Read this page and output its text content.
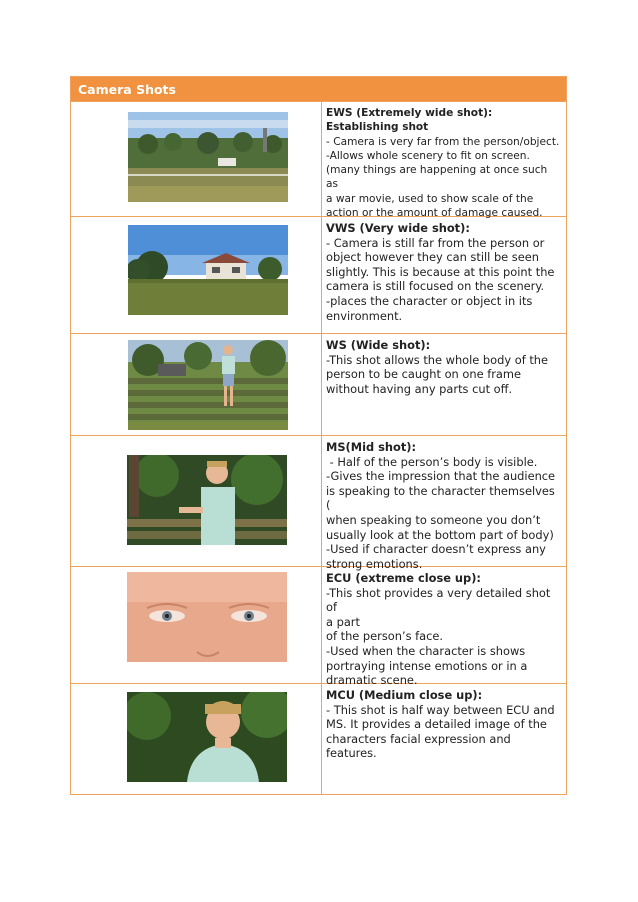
Camera Shots
EWS (Extremely wide shot):
Establishing shot
- Camera is very far from the person/object.
-Allows whole scenery to fit on screen.
(many things are happening at once such as
a war movie, used to show scale of the
action or the amount of damage caused.
VWS (Very wide shot):
- Camera is still far from the person or
object however they can still be seen
slightly. This is because at this point the
camera is still focused on the scenery.
-places the character or object in its
environment.
WS (Wide shot):
-This shot allows the whole body of the
person to be caught on one frame
without having any parts cut off.
MS(Mid shot):
- Half of the person’s body is visible.
-Gives the impression that the audience
is speaking to the character themselves (
when speaking to someone you don’t
usually look at the bottom part of body)
-Used if character doesn’t express any
strong emotions.
ECU (extreme close up):
-This shot provides a very detailed shot of
a part
of the person’s face.
-Used when the character is shows
portraying intense emotions or in a
dramatic scene.
MCU (Medium close up):
- This shot is half way between ECU and
MS. It provides a detailed image of the
characters facial expression and
features.
